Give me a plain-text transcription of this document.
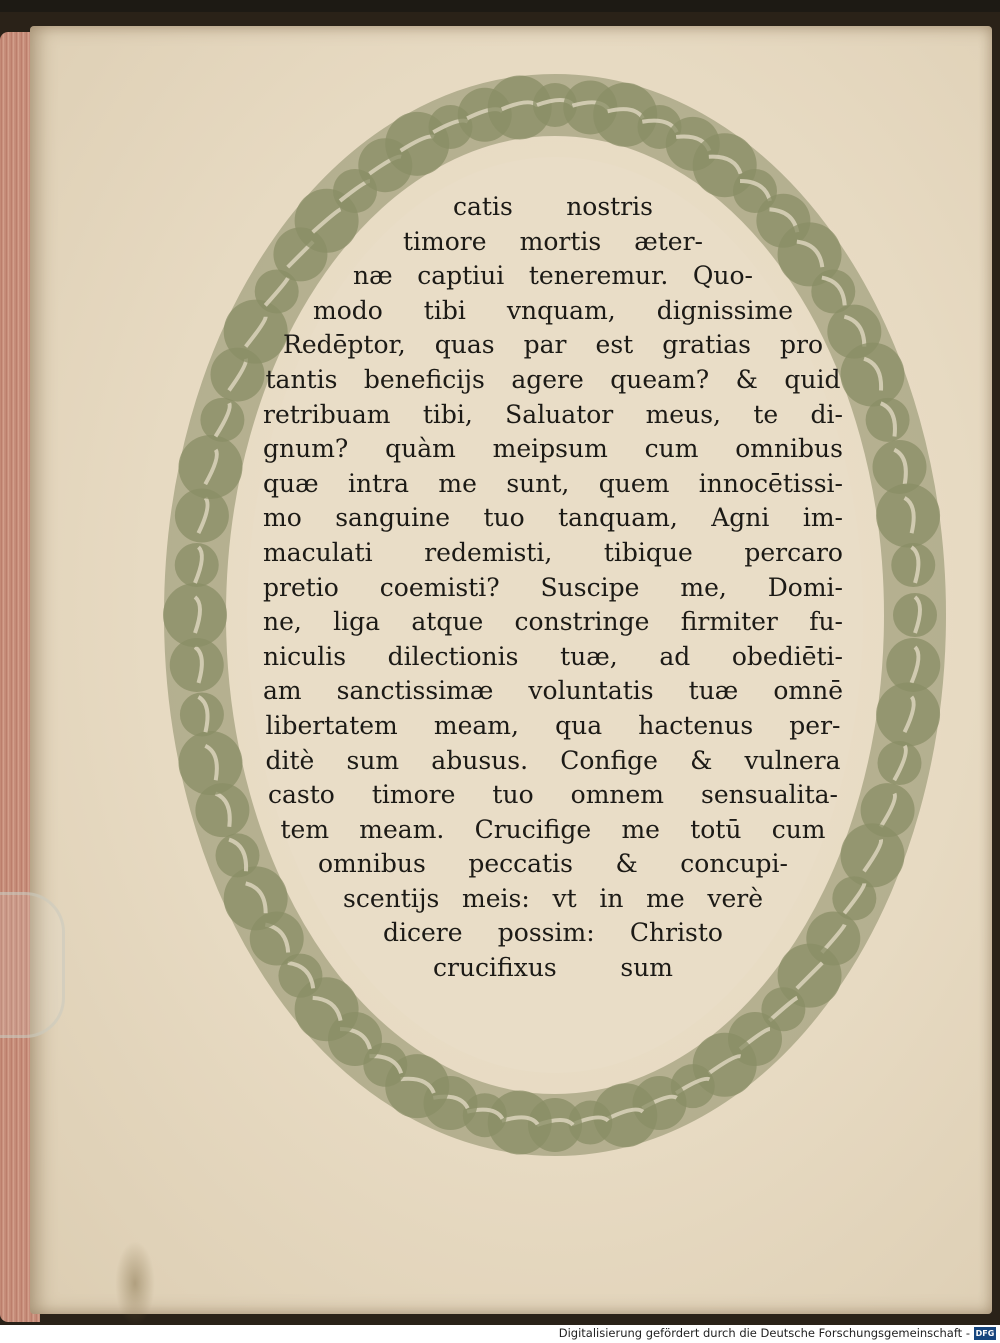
catis nostris
timore mortis æter-
næ captiui teneremur. Quo-
modo tibi vnquam, dignissime
Redēptor, quas par est gratias pro
tantis beneficijs agere queam? & quid
retribuam tibi, Saluator meus, te di-
gnum? quàm meipsum cum omnibus
quæ intra me sunt, quem innocētissi-
mo sanguine tuo tanquam, Agni im-
maculati redemisti, tibique percaro
pretio coemisti? Suscipe me, Domi-
ne, liga atque constringe firmiter fu-
niculis dilectionis tuæ, ad obediēti-
am sanctissimæ voluntatis tuæ omnē
libertatem meam, qua hactenus per-
ditè sum abusus. Confige & vulnera
casto timore tuo omnem sensualita-
tem meam. Crucifige me totū cum
omnibus peccatis & concupi-
scentijs meis: vt in me verè
dicere possim: Christo
crucifixus sum
Digitalisierung gefördert durch die Deutsche Forschungsgemeinschaft - DFG
